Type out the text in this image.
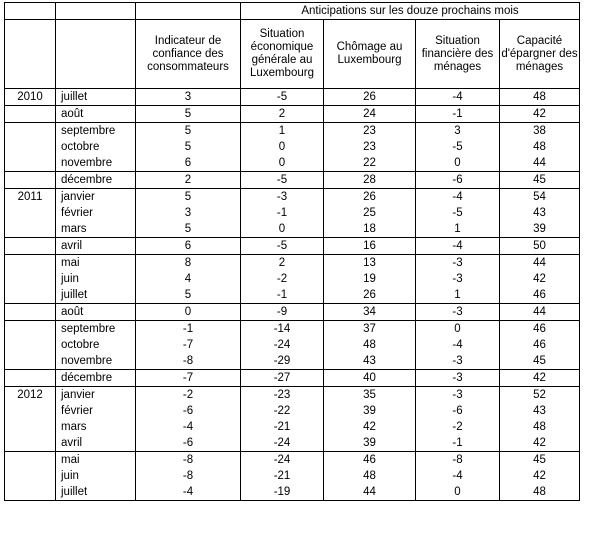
			Anticipations sur les douze prochains mois			
		Indicateur de confiance des consommateurs	Situation économique générale au Luxembourg	Chômage au Luxembourg	Situation financière des ménages	Capacité d'épargner des ménages
2010	juillet	3	-5	26	-4	48
	août	5	2	24	-1	42
	septembre	5	1	23	3	38
	octobre	5	0	23	-5	48
	novembre	6	0	22	0	44
	décembre	2	-5	28	-6	45
2011	janvier	5	-3	26	-4	54
	février	3	-1	25	-5	43
	mars	5	0	18	1	39
	avril	6	-5	16	-4	50
	mai	8	2	13	-3	44
	juin	4	-2	19	-3	42
	juillet	5	-1	26	1	46
	août	0	-9	34	-3	44
	septembre	-1	-14	37	0	46
	octobre	-7	-24	48	-4	46
	novembre	-8	-29	43	-3	45
	décembre	-7	-27	40	-3	42
2012	janvier	-2	-23	35	-3	52
	février	-6	-22	39	-6	43
	mars	-4	-21	42	-2	48
	avril	-6	-24	39	-1	42
	mai	-8	-24	46	-8	45
	juin	-8	-21	48	-4	42
	juillet	-4	-19	44	0	48
